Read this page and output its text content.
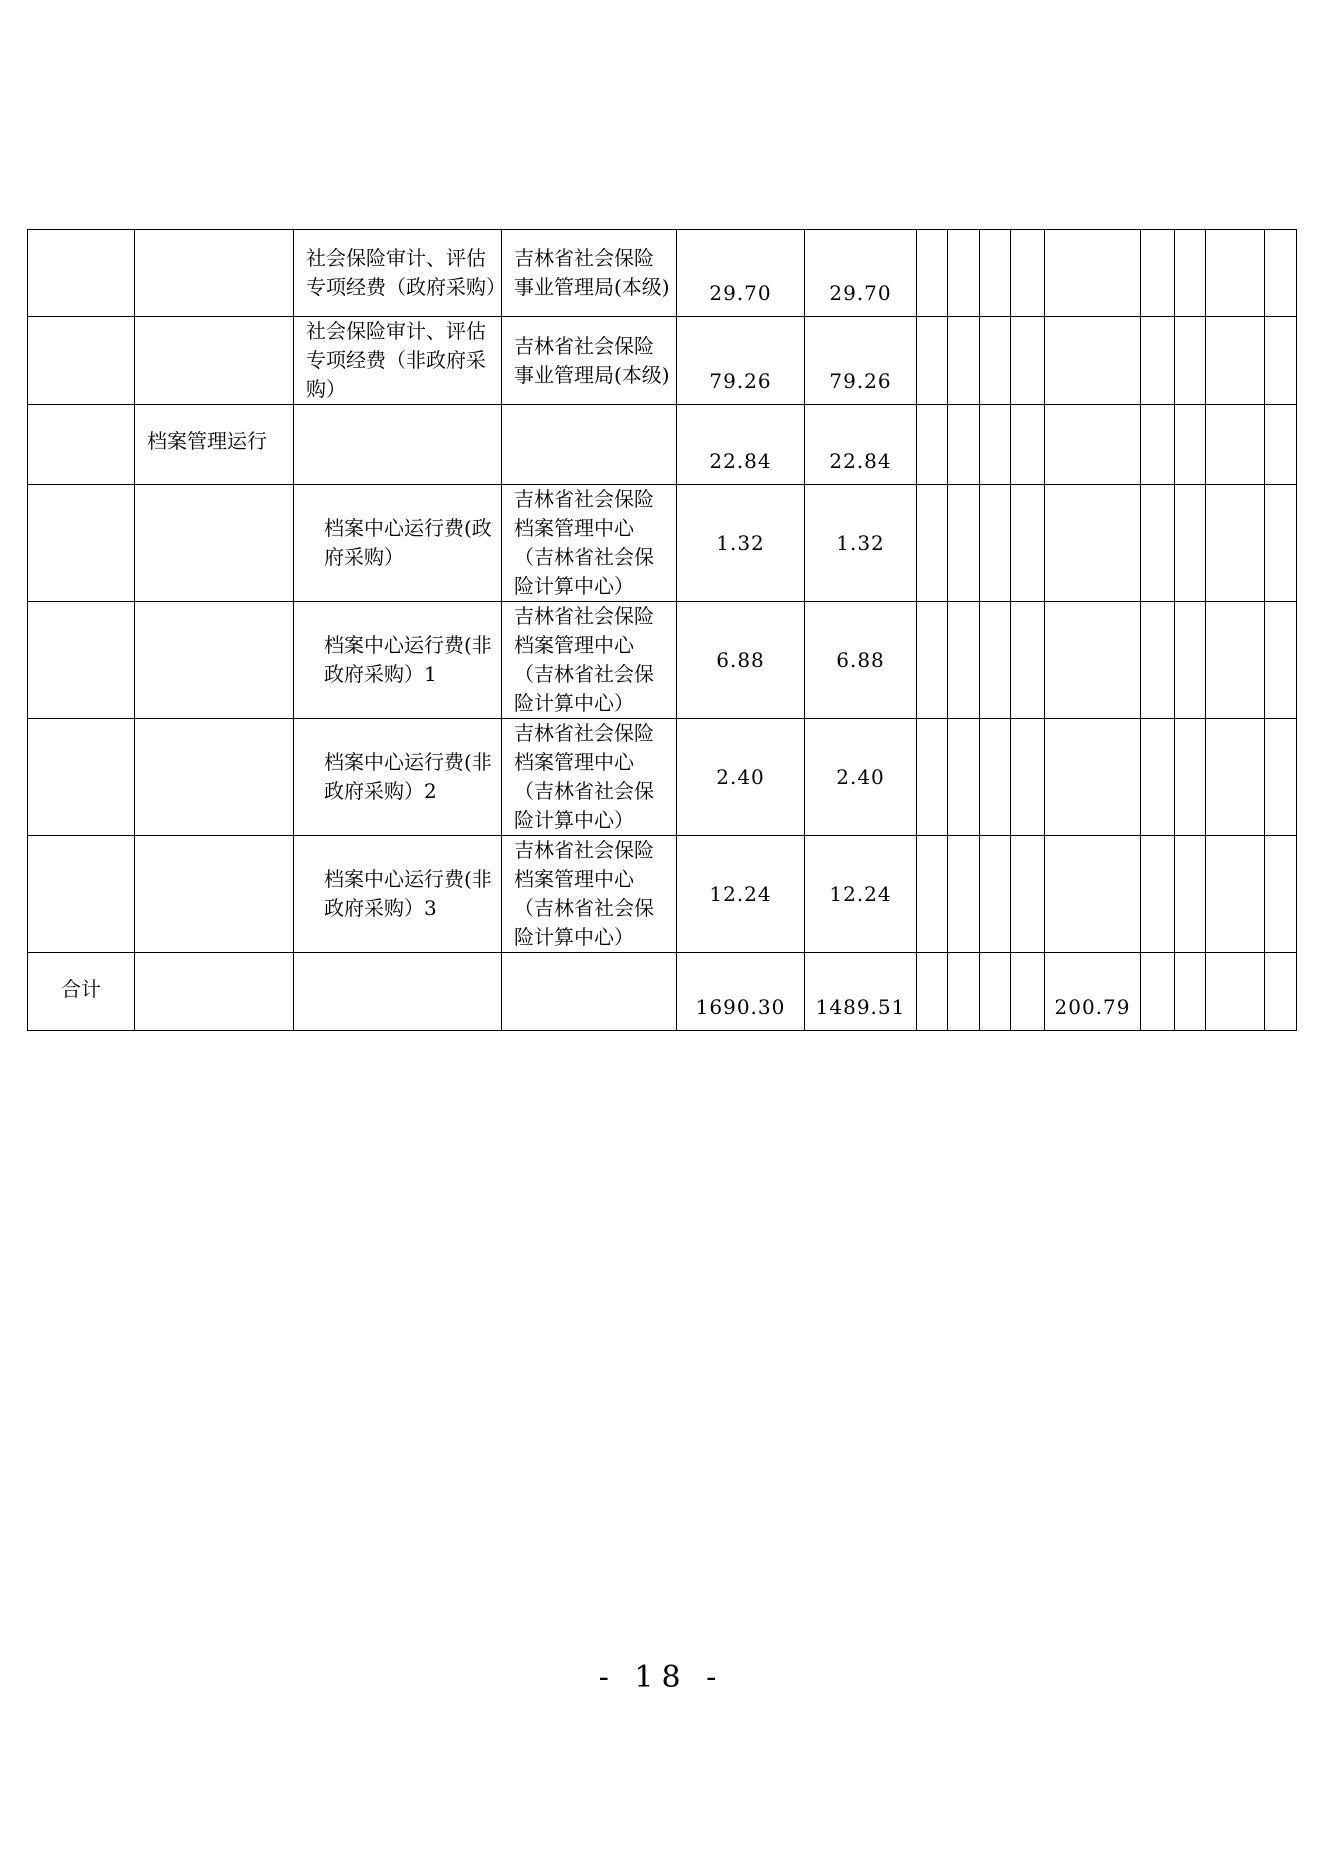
		社会保险审计、评估专项经费（政府采购）	吉林省社会保险事业管理局(本级)	29.70	29.70									
		社会保险审计、评估专项经费（非政府采购）	吉林省社会保险事业管理局(本级)	79.26	79.26									
	档案管理运行			22.84	22.84									
		档案中心运行费(政府采购）	吉林省社会保险档案管理中心（吉林省社会保险计算中心）	1.32	1.32									
		档案中心运行费(非政府采购）1	吉林省社会保险档案管理中心（吉林省社会保险计算中心）	6.88	6.88									
		档案中心运行费(非政府采购）2	吉林省社会保险档案管理中心（吉林省社会保险计算中心）	2.40	2.40									
		档案中心运行费(非政府采购）3	吉林省社会保险档案管理中心（吉林省社会保险计算中心）	12.24	12.24									
合计				1690.30	1489.51					200.79				
- 18 -
